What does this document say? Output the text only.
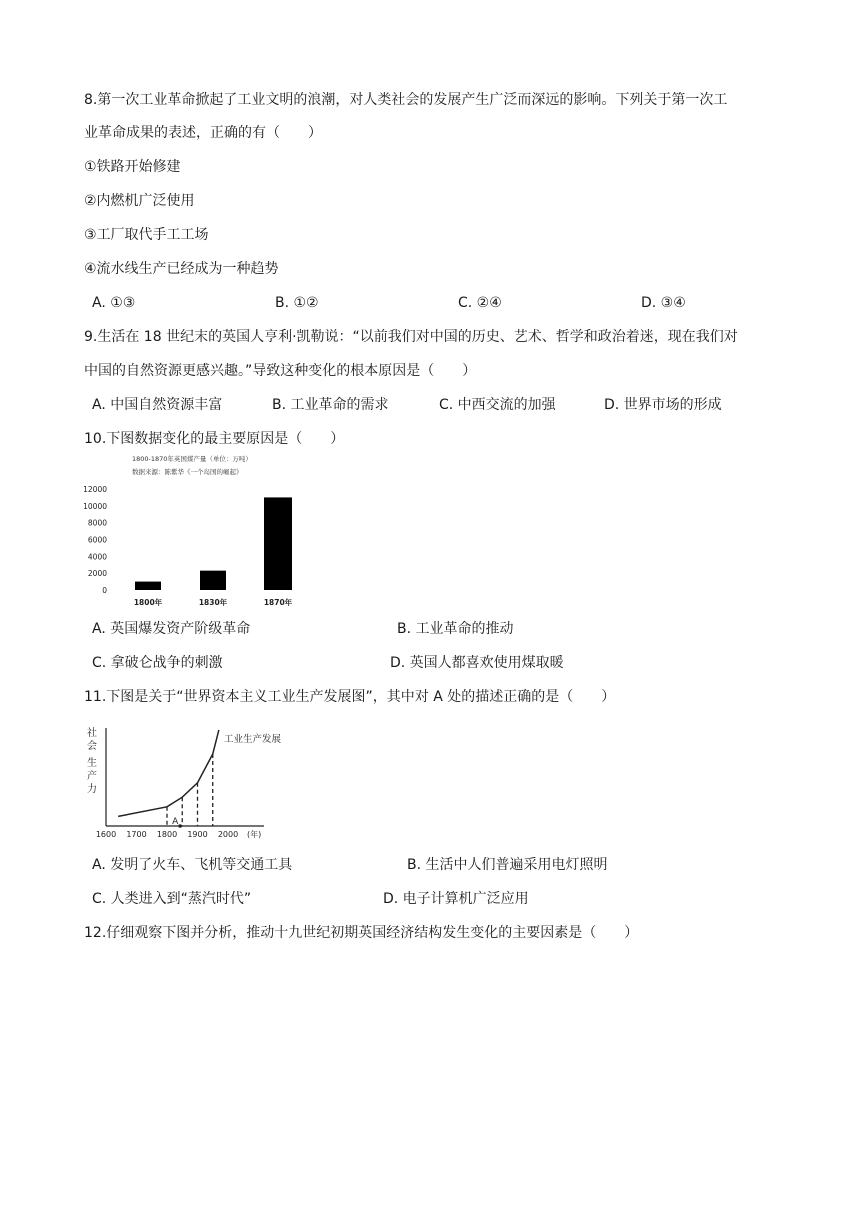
8.第一次工业革命掀起了工业文明的浪潮，对人类社会的发展产生广泛而深远的影响。下列关于第一次工
业革命成果的表述，正确的有（　　）
①铁路开始修建
②内燃机广泛使用
③工厂取代手工工场
④流水线生产已经成为一种趋势
A. ①③	B. ①②	C. ②④	D. ③④
9.生活在 18 世纪末的英国人亨利·凯勒说：“以前我们对中国的历史、艺术、哲学和政治着迷，现在我们对
中国的自然资源更感兴趣。”导致这种变化的根本原因是（　　）
A. 中国自然资源丰富	B. 工业革命的需求	C. 中西交流的加强	D. 世界市场的形成
10.下图数据变化的最主要原因是（　　）
1800-1870年英国煤产量（单位：万吨）
数据来源：陈紫华《一个岛国的崛起》
12000
10000
8000
6000
4000
2000
0
1800年	1830年	1870年
A. 英国爆发资产阶级革命	B. 工业革命的推动
C. 拿破仑战争的刺激	D. 英国人都喜欢使用煤取暖
11.下图是关于“世界资本主义工业生产发展图”，其中对 A 处的描述正确的是（　　）
社
会
生
产
力
1600 1700 1800 1900 2000
工业生产发展
A
(年)
A. 发明了火车、飞机等交通工具	B. 生活中人们普遍采用电灯照明
C. 人类进入到“蒸汽时代”	D. 电子计算机广泛应用
12.仔细观察下图并分析，推动十九世纪初期英国经济结构发生变化的主要因素是（　　）
